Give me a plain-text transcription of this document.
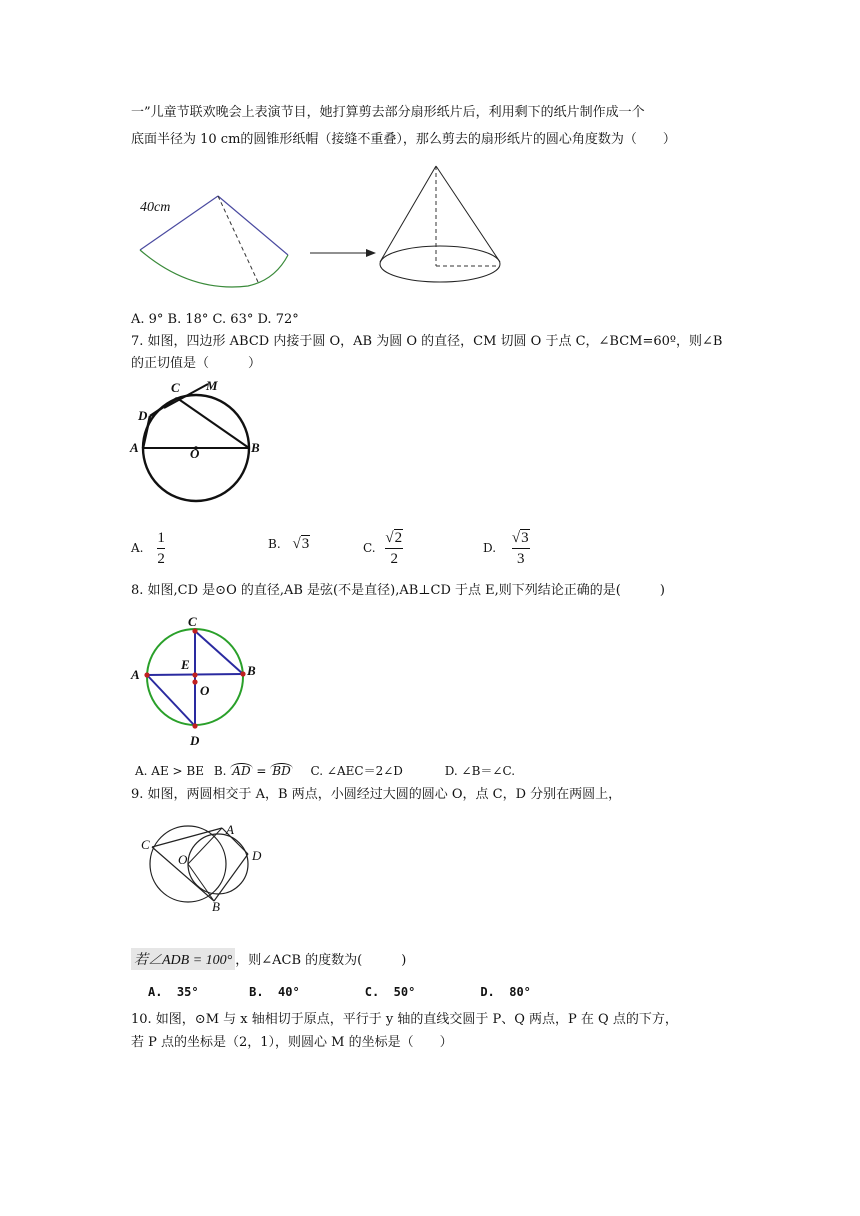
一”儿童节联欢晚会上表演节目，她打算剪去部分扇形纸片后，利用剩下的纸片制作成一个
底面半径为 10 cm的圆锥形纸帽（接缝不重叠），那么剪去的扇形纸片的圆心角度数为（　　）
40cm
A. 9° B. 18° C. 63° D. 72°
7. 如图，四边形 ABCD 内接于圆 O，AB 为圆 O 的直径，CM 切圆 O 于点 C，∠BCM=60º，则∠B
的正切值是（　　　）
C M
D
A	O	B
A. $\frac{1}{2}$	B. √3	C. $\frac{√2}{2}$	D. $\frac{√3}{3}$
8. 如图,CD 是⊙O 的直径,AB 是弦(不是直径),AB⊥CD 于点 E,则下列结论正确的是(　　　)
C
A
E	B
O
D
A. AE > BE B. AD = BD C. ∠AEC＝2∠D	D. ∠B＝∠C.
9. 如图，两圆相交于 A，B 两点，小圆经过大圆的圆心 O，点 C，D 分别在两圆上，
C
A
O	D
B
若∠ADB = 100° ，则∠ACB 的度数为(　　　)
A.  35°       B.  40°         C.  50°         D.  80°
10. 如图，⊙M 与 x 轴相切于原点，平行于 y 轴的直线交圆于 P、Q 两点，P 在 Q 点的下方，
若 P 点的坐标是（2，1），则圆心 M 的坐标是（　　）
